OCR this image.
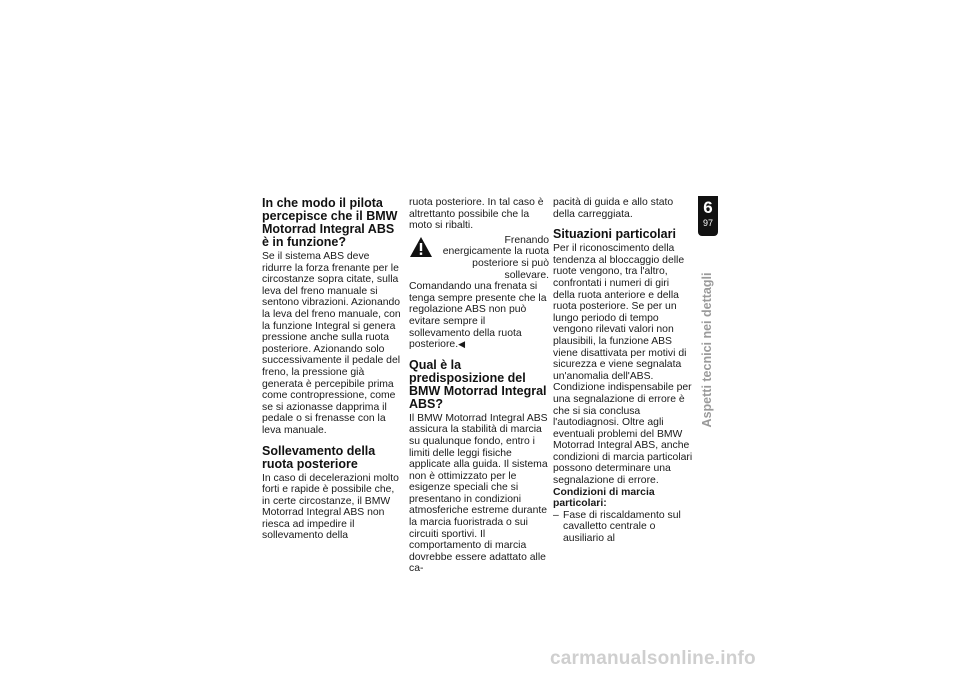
In che modo il pilota percepisce che il BMW Motorrad Integral ABS è in funzione?

Se il sistema ABS deve ridurre la forza frenante per le circostanze sopra citate, sulla leva del freno manuale si sentono vibrazioni. Azionando la leva del freno manuale, con la funzione Integral si genera pressione anche sulla ruota posteriore. Azionando solo successivamente il pedale del freno, la pressione già generata è percepibile prima come contropressione, come se si azionasse dapprima il pedale o si frenasse con la leva manuale.

Sollevamento della ruota posteriore

In caso di decelerazioni molto forti e rapide è possibile che, in certe circostanze, il BMW Motorrad Integral ABS non riesca ad impedire il sollevamento della

ruota posteriore. In tal caso è altrettanto possibile che la moto si ribalti.

Frenando energicamente la ruota posteriore si può sollevare.

Comandando una frenata si tenga sempre presente che la regolazione ABS non può evitare sempre il sollevamento della ruota posteriore.◀

Qual è la predisposizione del BMW Motorrad Integral ABS?

Il BMW Motorrad Integral ABS assicura la stabilità di marcia su qualunque fondo, entro i limiti delle leggi fisiche applicate alla guida. Il sistema non è ottimizzato per le esigenze speciali che si presentano in condizioni atmosferiche estreme durante la marcia fuoristrada o sui circuiti sportivi. Il comportamento di marcia dovrebbe essere adattato alle ca-

pacità di guida e allo stato della carreggiata.

Situazioni particolari

Per il riconoscimento della tendenza al bloccaggio delle ruote vengono, tra l'altro, confrontati i numeri di giri della ruota anteriore e della ruota posteriore. Se per un lungo periodo di tempo vengono rilevati valori non plausibili, la funzione ABS viene disattivata per motivi di sicurezza e viene segnalata un'anomalia dell'ABS. Condizione indispensabile per una segnalazione di errore è che si sia conclusa l'autodiagnosi. Oltre agli eventuali problemi del BMW Motorrad Integral ABS, anche condizioni di marcia particolari possono determinare una segnalazione di errore.

Condizioni di marcia particolari:
– Fase di riscaldamento sul cavalletto centrale o ausiliario al
6
97
Aspetti tecnici nei dettagli
carmanualsonline.info
